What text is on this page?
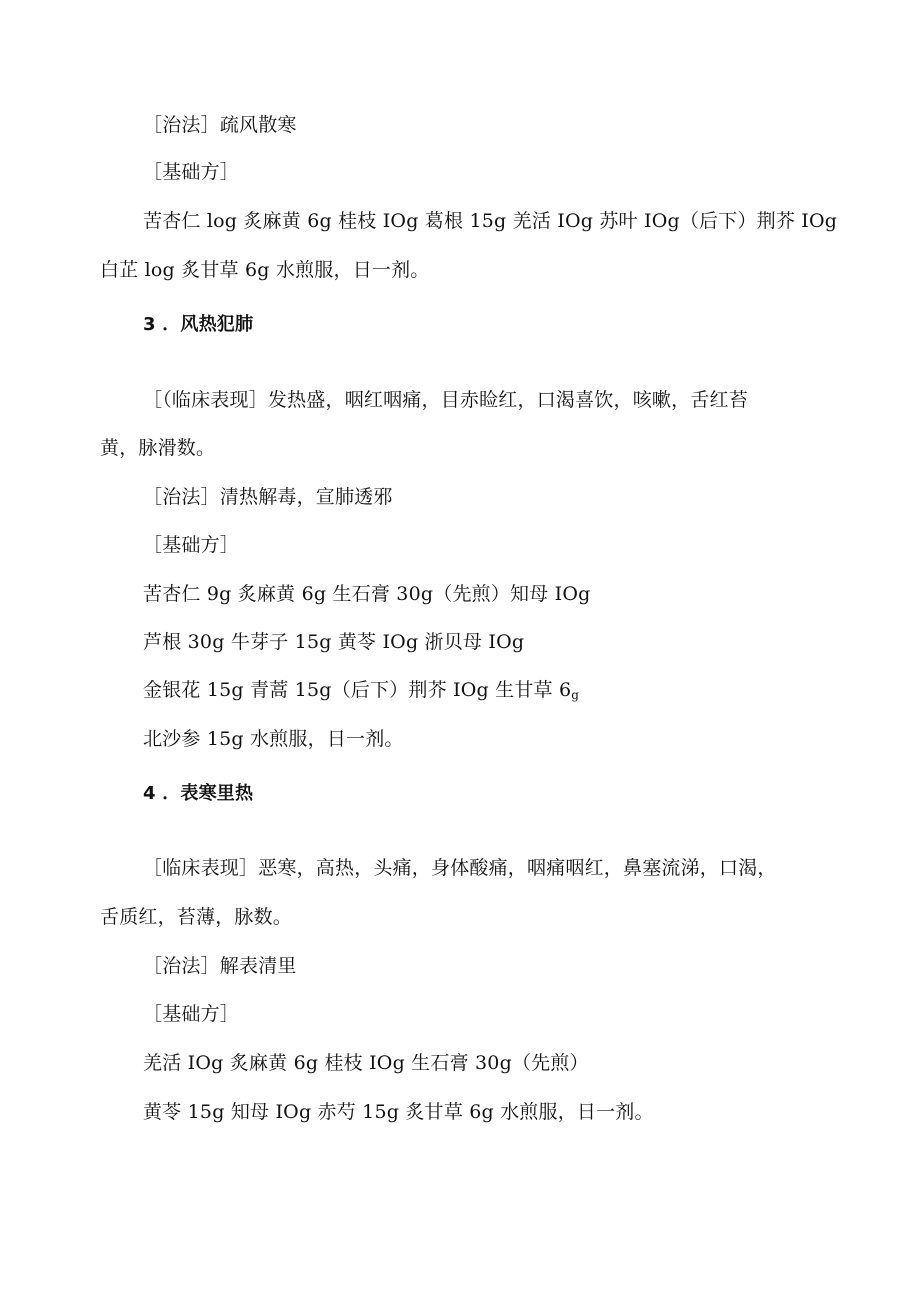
［治法］疏风散寒
［基础方］
苦杏仁 log 炙麻黄 6g 桂枝 IOg 葛根 15g 羌活 IOg 苏叶 IOg（后下）荆芥 IOg
白芷 log 炙甘草 6g 水煎服，日一剂。
3 ．风热犯肺
［（临床表现］发热盛，咽红咽痛，目赤睑红，口渴喜饮，咳嗽，舌红苔
黄，脉滑数。
［治法］清热解毒，宣肺透邪
［基础方］
苦杏仁 9g 炙麻黄 6g 生石膏 30g（先煎）知母 IOg
芦根 30g 牛芽子 15g 黄苓 IOg 浙贝母 IOg
金银花 15g 青蒿 15g（后下）荆芥 IOg 生甘草 $6_g$
北沙参 15g 水煎服，日一剂。
4 ．表寒里热
［临床表现］恶寒，高热，头痛，身体酸痛，咽痛咽红，鼻塞流涕，口渴，
舌质红，苔薄，脉数。
［治法］解表清里
［基础方］
羌活 IOg 炙麻黄 6g 桂枝 IOg 生石膏 30g（先煎）
黄苓 15g 知母 IOg 赤芍 15g 炙甘草 6g 水煎服，日一剂。
